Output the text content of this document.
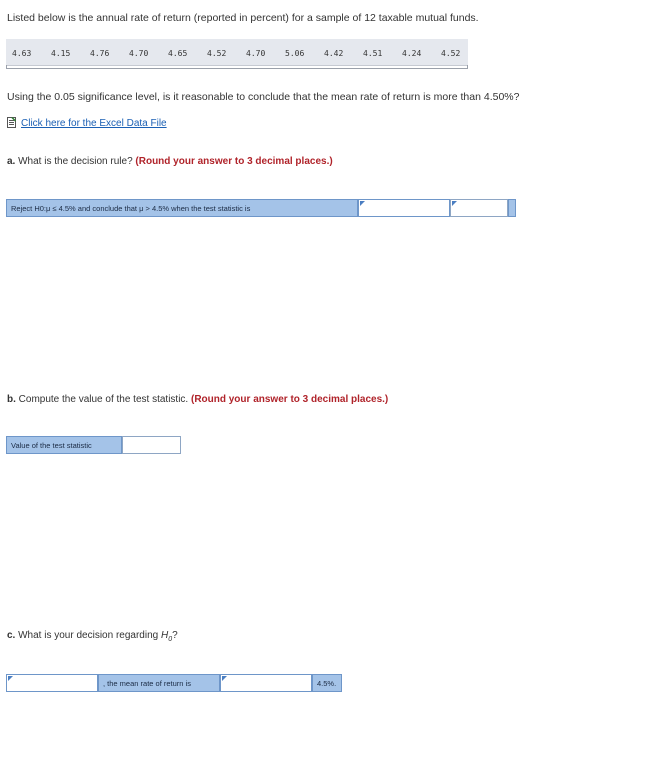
Listed below is the annual rate of return (reported in percent) for a sample of 12 taxable mutual funds.
4.63 4.15 4.76 4.70 4.65 4.52 4.70 5.06 4.42 4.51 4.24 4.52
Using the 0.05 significance level, is it reasonable to conclude that the mean rate of return is more than 4.50%?
Click here for the Excel Data File
a. What is the decision rule? (Round your answer to 3 decimal places.)
Reject H0:μ ≤ 4.5% and conclude that μ > 4.5% when the test statistic is
b. Compute the value of the test statistic. (Round your answer to 3 decimal places.)
Value of the test statistic
c. What is your decision regarding $H_0$?
, the mean rate of return is	4.5%.
